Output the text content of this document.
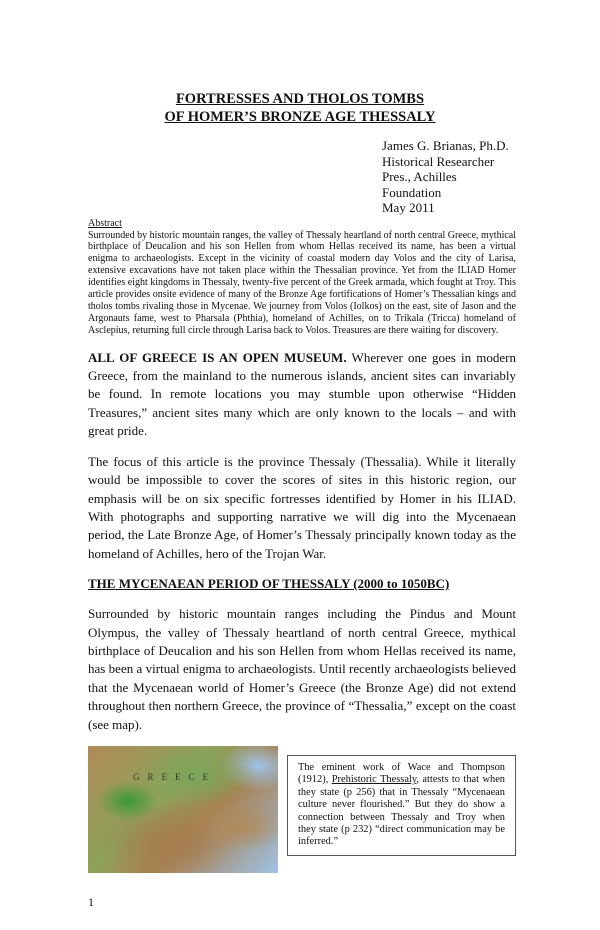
FORTRESSES AND THOLOS TOMBS
OF HOMER’S BRONZE AGE THESSALY
James G. Brianas, Ph.D.
Historical Researcher
Pres., Achilles Foundation
May 2011
Abstract
Surrounded by historic mountain ranges, the valley of Thessaly heartland of north central Greece, mythical birthplace of Deucalion and his son Hellen from whom Hellas received its name, has been a virtual enigma to archaeologists. Except in the vicinity of coastal modern day Volos and the city of Larisa, extensive excavations have not taken place within the Thessalian province. Yet from the ILIAD Homer identifies eight kingdoms in Thessaly, twenty-five percent of the Greek armada, which fought at Troy. This article provides onsite evidence of many of the Bronze Age fortifications of Homer’s Thessalian kings and tholos tombs rivaling those in Mycenae. We journey from Volos (Iolkos) on the east, site of Jason and the Argonauts fame, west to Pharsala (Phthia), homeland of Achilles, on to Trikala (Tricca) homeland of Asclepius, returning full circle through Larisa back to Volos. Treasures are there waiting for discovery.
ALL OF GREECE IS AN OPEN MUSEUM. Wherever one goes in modern Greece, from the mainland to the numerous islands, ancient sites can invariably be found. In remote locations you may stumble upon otherwise “Hidden Treasures,” ancient sites many which are only known to the locals – and with great pride.
The focus of this article is the province Thessaly (Thessalia). While it literally would be impossible to cover the scores of sites in this historic region, our emphasis will be on six specific fortresses identified by Homer in his ILIAD. With photographs and supporting narrative we will dig into the Mycenaean period, the Late Bronze Age, of Homer’s Thessaly principally known today as the homeland of Achilles, hero of the Trojan War.
THE MYCENAEAN PERIOD OF THESSALY (2000 to 1050BC)
Surrounded by historic mountain ranges including the Pindus and Mount Olympus, the valley of Thessaly heartland of north central Greece, mythical birthplace of Deucalion and his son Hellen from whom Hellas received its name, has been a virtual enigma to archaeologists. Until recently archaeologists believed that the Mycenaean world of Homer’s Greece (the Bronze Age) did not extend throughout then northern Greece, the province of “Thessalia,” except on the coast (see map).
GREECE
The eminent work of Wace and Thompson (1912), Prehistoric Thessaly, attests to that when they state (p 256) that in Thessaly “Mycenaean culture never flourished.” But they do show a connection between Thessaly and Troy when they state (p 232) “direct communication may be inferred.”
1
